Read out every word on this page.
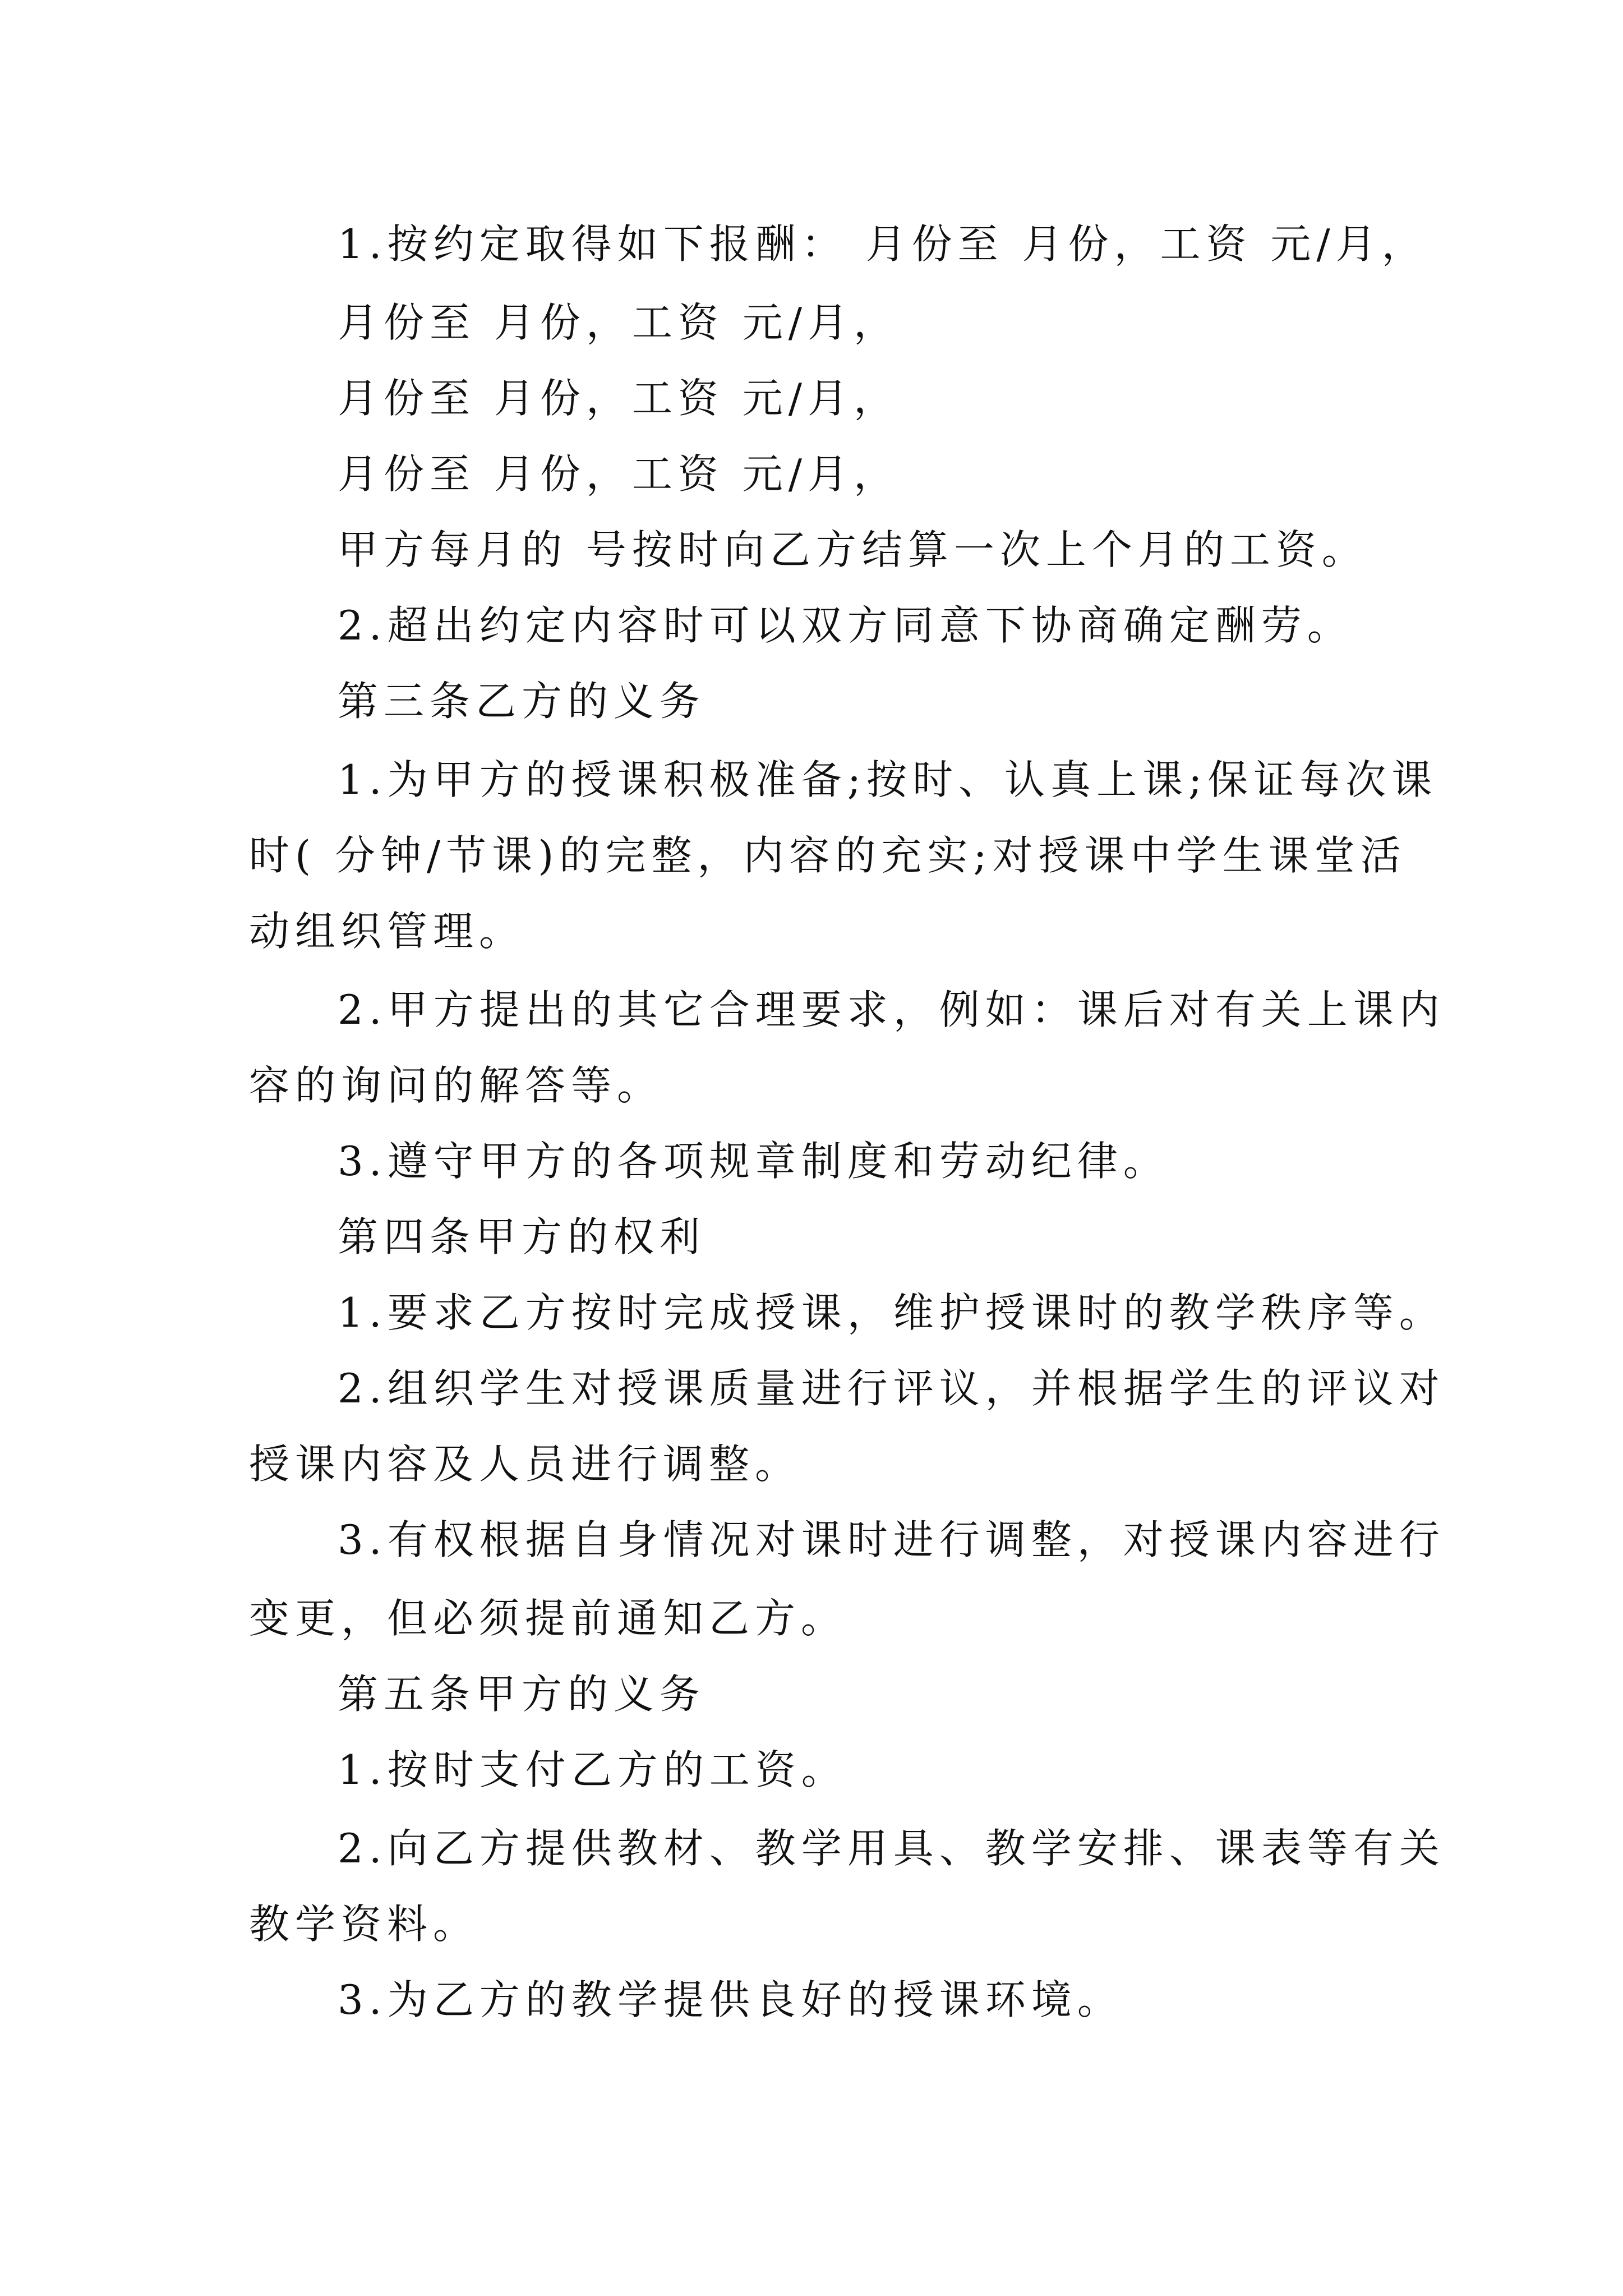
1.按约定取得如下报酬： 月份至 月份，工资 元/月，
月份至 月份，工资 元/月，
月份至 月份，工资 元/月，
月份至 月份，工资 元/月，
甲方每月的 号按时向乙方结算一次上个月的工资。
2.超出约定内容时可以双方同意下协商确定酬劳。
第三条乙方的义务
1.为甲方的授课积极准备;按时、认真上课;保证每次课
时( 分钟/节课)的完整，内容的充实;对授课中学生课堂活
动组织管理。
2.甲方提出的其它合理要求，例如：课后对有关上课内
容的询问的解答等。
3.遵守甲方的各项规章制度和劳动纪律。
第四条甲方的权利
1.要求乙方按时完成授课，维护授课时的教学秩序等。
2.组织学生对授课质量进行评议，并根据学生的评议对
授课内容及人员进行调整。
3.有权根据自身情况对课时进行调整，对授课内容进行
变更，但必须提前通知乙方。
第五条甲方的义务
1.按时支付乙方的工资。
2.向乙方提供教材、教学用具、教学安排、课表等有关
教学资料。
3.为乙方的教学提供良好的授课环境。
